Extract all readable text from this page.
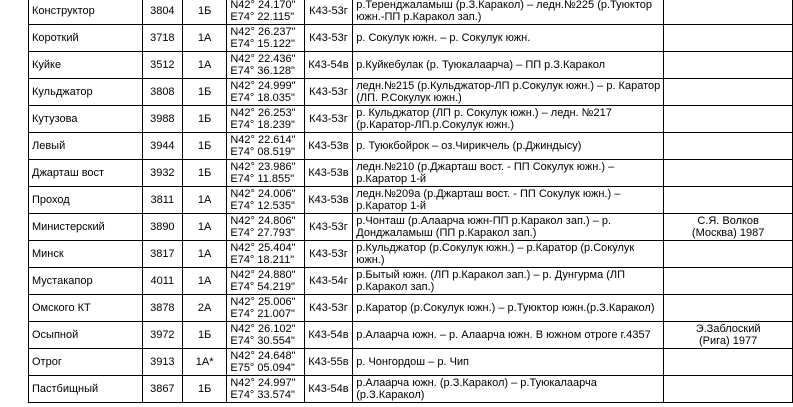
Конструктор	3804	1Б	N42° 24.170"
E74° 22.115"	К43-53г	р.Теренджаламыш (р.З.Каракол) – ледн.№225 (р.Туюктор
южн.-ПП р.Каракол зап.)	

Короткий	3718	1А	N42° 26.237"
E74° 15.122"	К43-53г	р. Сокулук южн. – р. Сокулук южн.	

Куйке	3512	1А	N42° 22.436"
E74° 36.128"	К43-54в	р.Куйкебулак (р. Туюкалаарча) – ПП р.З.Каракол	

Кульджатор	3808	1Б	N42° 24.999"
E74° 18.035"	К43-53г	ледн.№215 (р.Кульджатор-ЛП р.Сокулук южн.) – р. Каратор
(ЛП. Р.Сокулук южн.)	

Кутузова	3988	1Б	N42° 26.253"
E74° 18.239"	К43-53г	р. Кульджатор (ЛП р. Сокулук южн.) – ледн. №217
(р.Каратор-ЛП.р.Сокулук южн.)	

Левый	3944	1Б	N42° 22.614"
E74° 08.519"	К43-53в	р. Туюкбойрок – оз.Чирикчель (р.Джиндысу)	

Джарташ вост	3932	1Б	N42° 23.986"
E74° 11.855"	К43-53в	ледн.№210 (р.Джарташ вост. - ПП Сокулук южн.) –
р.Каратор 1-й	

Проход	3811	1А	N42° 24.006"
E74° 12.535"	К43-53в	ледн.№209а (р.Джарташ вост. - ПП Сокулук южн.) –
р.Каратор 1-й	

Министерский	3890	1А	N42° 24.806"
E74° 27.793"	К43-53г	р.Чонташ (р.Алаарча южн-ПП р.Каракол зап.) – р.
Донджаламыш (ПП р.Каракол зап.)	С.Я. Волков
(Москва) 1987

Минск	3817	1А	N42° 25.404"
E74° 18.211"	К43-53г	р.Кульджатор (р.Сокулук южн.) – р.Каратор (р.Сокулук
южн.)	

Мустакапор	4011	1А	N42° 24.880"
E74° 54.219"	К43-54г	р.Бытый южн. (ЛП р.Каракол зап.) – р. Дунгурма (ЛП
р.Каракол зап.)	

Омского КТ	3878	2А	N42° 25.006"
E74° 21.007"	К43-53г	р.Каратор (р.Сокулук южн.) – р.Туюктор южн.(р.З.Каракол)	

Осыпной	3972	1Б	N42° 26.102"
E74° 30.554"	К43-54в	р.Алаарча южн. – р. Алаарча южн. В южном отроге г.4357	Э.Заблоский
(Рига) 1977

Отрог	3913	1А*	N42° 24.648"
E75° 05.094"	К43-55в	р. Чонгордош – р. Чип	

Пастбищный	3867	1Б	N42° 24.997"
E74° 33.574"	К43-54в	р.Алаарча южн. (р.З.Каракол) – р.Туюкалаарча
(р.З.Каракол)	
